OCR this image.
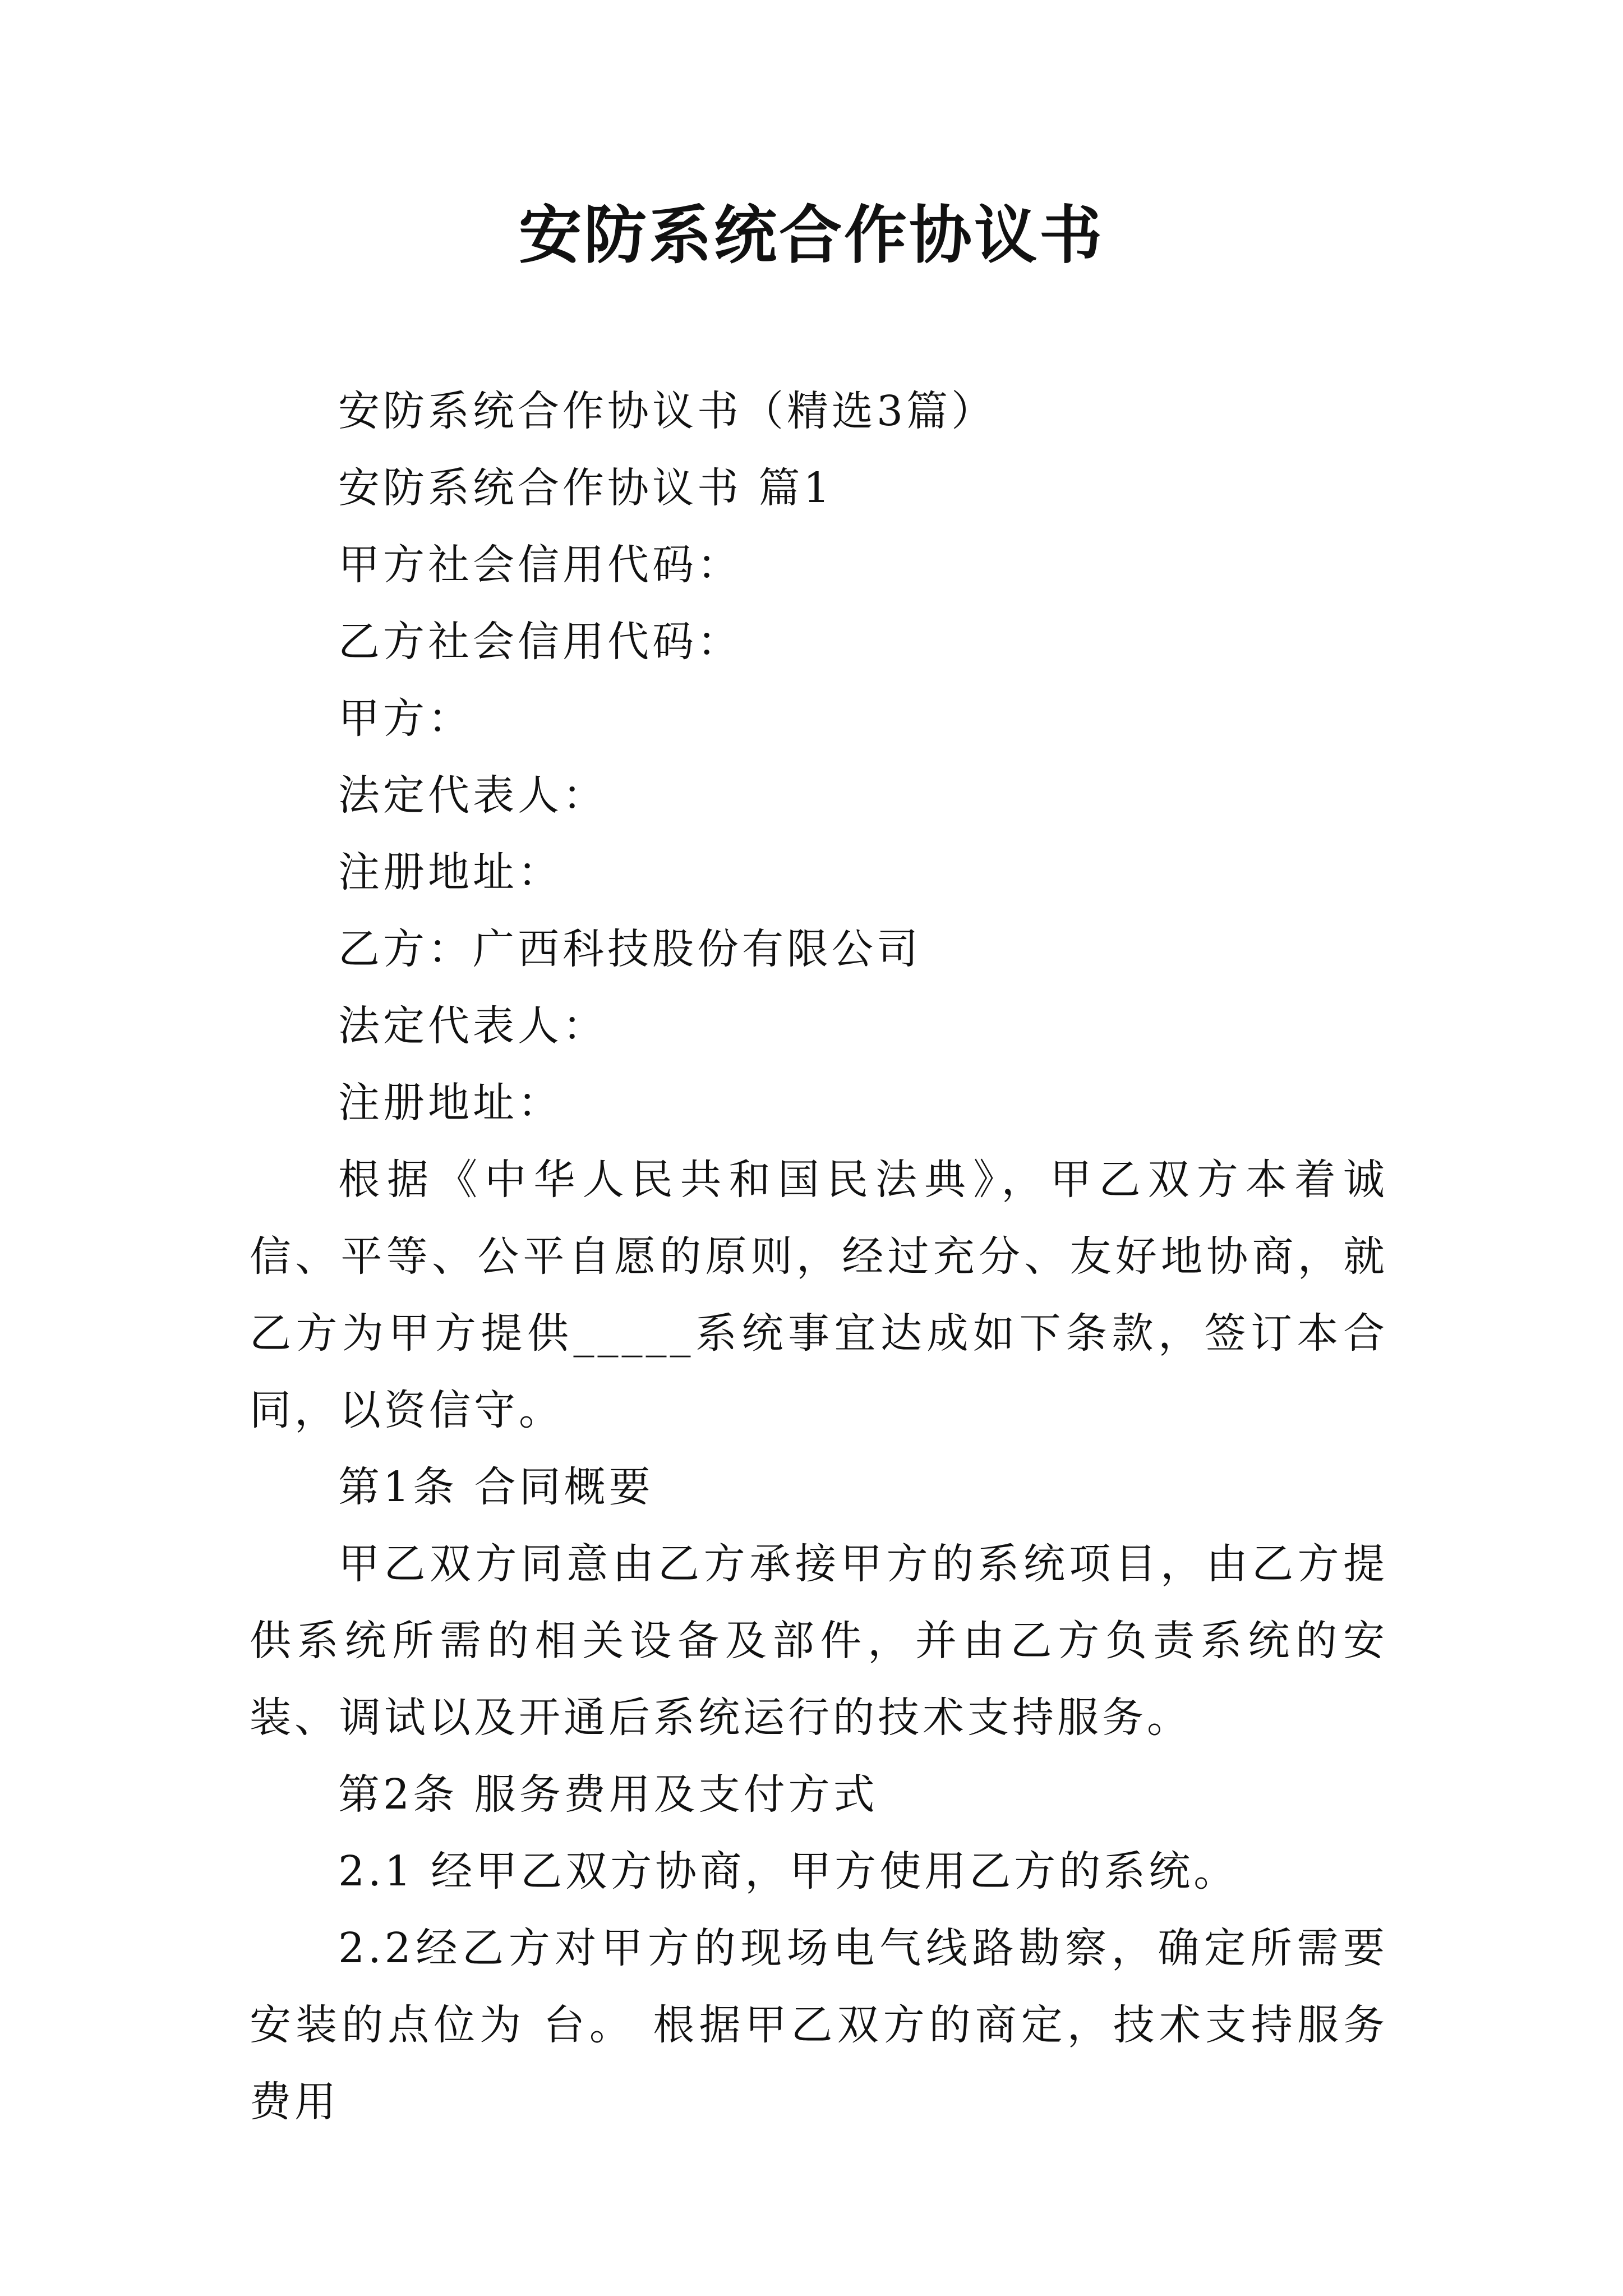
安防系统合作协议书

安防系统合作协议书（精选3篇）

安防系统合作协议书 篇1

甲方社会信用代码：

乙方社会信用代码：

甲方：

法定代表人：

注册地址：

乙方：广西科技股份有限公司

法定代表人：

注册地址：

根据《中华人民共和国民法典》，甲乙双方本着诚信、平等、公平自愿的原则，经过充分、友好地协商，就乙方为甲方提供_____系统事宜达成如下条款，签订本合同，以资信守。

第1条 合同概要

甲乙双方同意由乙方承接甲方的系统项目，由乙方提供系统所需的相关设备及部件，并由乙方负责系统的安装、调试以及开通后系统运行的技术支持服务。

第2条 服务费用及支付方式

2.1 经甲乙双方协商，甲方使用乙方的系统。

2.2经乙方对甲方的现场电气线路勘察，确定所需要安装的点位为 台。 根据甲乙双方的商定，技术支持服务费用
